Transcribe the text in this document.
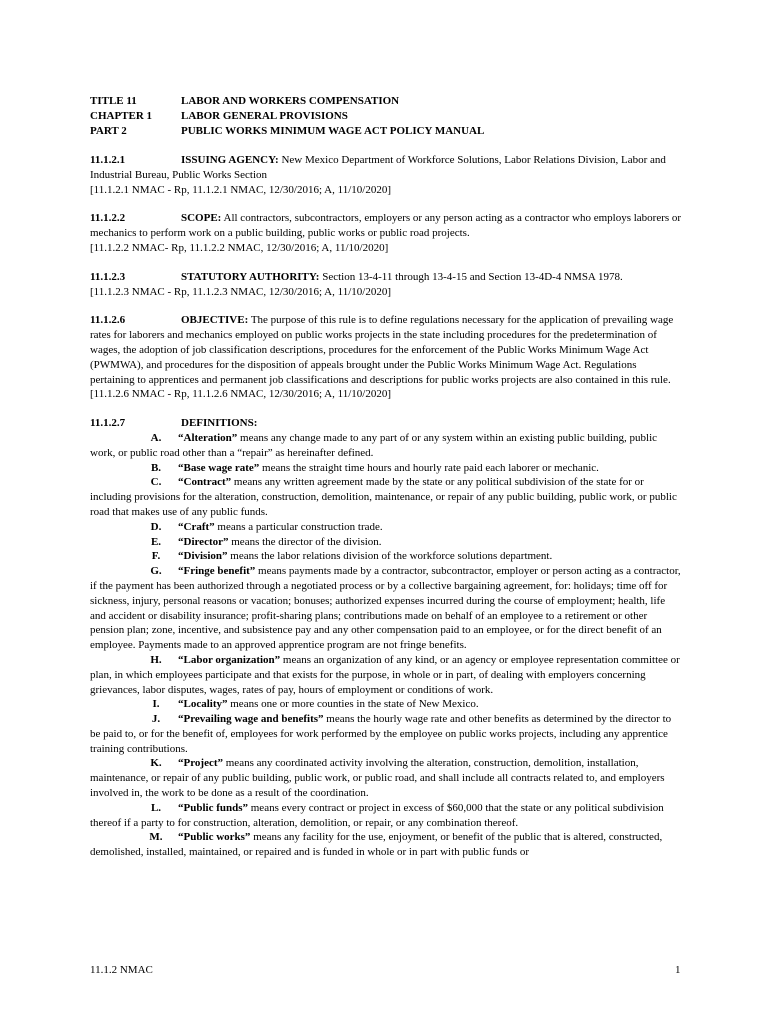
TITLE 11	LABOR AND WORKERS COMPENSATION
CHAPTER 1	LABOR GENERAL PROVISIONS
PART 2	PUBLIC WORKS MINIMUM WAGE ACT POLICY MANUAL

11.1.2.1	ISSUING AGENCY: New Mexico Department of Workforce Solutions, Labor Relations Division, Labor and Industrial Bureau, Public Works Section
[11.1.2.1 NMAC - Rp, 11.1.2.1 NMAC, 12/30/2016; A, 11/10/2020]

11.1.2.2	SCOPE: All contractors, subcontractors, employers or any person acting as a contractor who employs laborers or mechanics to perform work on a public building, public works or public road projects.
[11.1.2.2 NMAC- Rp, 11.1.2.2 NMAC, 12/30/2016; A, 11/10/2020]

11.1.2.3	STATUTORY AUTHORITY: Section 13-4-11 through 13-4-15 and Section 13-4D-4 NMSA 1978.
[11.1.2.3 NMAC - Rp, 11.1.2.3 NMAC, 12/30/2016; A, 11/10/2020]

11.1.2.6	OBJECTIVE: The purpose of this rule is to define regulations necessary for the application of prevailing wage rates for laborers and mechanics employed on public works projects in the state including procedures for the predetermination of wages, the adoption of job classification descriptions, procedures for the enforcement of the Public Works Minimum Wage Act (PWMWA), and procedures for the disposition of appeals brought under the Public Works Minimum Wage Act. Regulations pertaining to apprentices and permanent job classifications and descriptions for public works projects are also contained in this rule.
[11.1.2.6 NMAC - Rp, 11.1.2.6 NMAC, 12/30/2016; A, 11/10/2020]

11.1.2.7	DEFINITIONS:

A. “Alteration” means any change made to any part of or any system within an existing public building, public work, or public road other than a “repair” as hereinafter defined.

B. “Base wage rate” means the straight time hours and hourly rate paid each laborer or mechanic.

C. “Contract” means any written agreement made by the state or any political subdivision of the state for or including provisions for the alteration, construction, demolition, maintenance, or repair of any public building, public work, or public road that makes use of any public funds.

D. “Craft” means a particular construction trade.

E. “Director” means the director of the division.

F. “Division” means the labor relations division of the workforce solutions department.

G. “Fringe benefit” means payments made by a contractor, subcontractor, employer or person acting as a contractor, if the payment has been authorized through a negotiated process or by a collective bargaining agreement, for: holidays; time off for sickness, injury, personal reasons or vacation; bonuses; authorized expenses incurred during the course of employment; health, life and accident or disability insurance; profit-sharing plans; contributions made on behalf of an employee to a retirement or other pension plan; zone, incentive, and subsistence pay and any other compensation paid to an employee, or for the direct benefit of an employee. Payments made to an approved apprentice program are not fringe benefits.

H. “Labor organization” means an organization of any kind, or an agency or employee representation committee or plan, in which employees participate and that exists for the purpose, in whole or in part, of dealing with employers concerning grievances, labor disputes, wages, rates of pay, hours of employment or conditions of work.

I. “Locality” means one or more counties in the state of New Mexico.

J. “Prevailing wage and benefits” means the hourly wage rate and other benefits as determined by the director to be paid to, or for the benefit of, employees for work performed by the employee on public works projects, including any apprentice training contributions.

K. “Project” means any coordinated activity involving the alteration, construction, demolition, installation, maintenance, or repair of any public building, public work, or public road, and shall include all contracts related to, and employers involved in, the work to be done as a result of the coordination.

L. “Public funds” means every contract or project in excess of $60,000 that the state or any political subdivision thereof if a party to for construction, alteration, demolition, or repair, or any combination thereof.

M. “Public works” means any facility for the use, enjoyment, or benefit of the public that is altered, constructed, demolished, installed, maintained, or repaired and is funded in whole or in part with public funds or

11.1.2 NMAC	1
